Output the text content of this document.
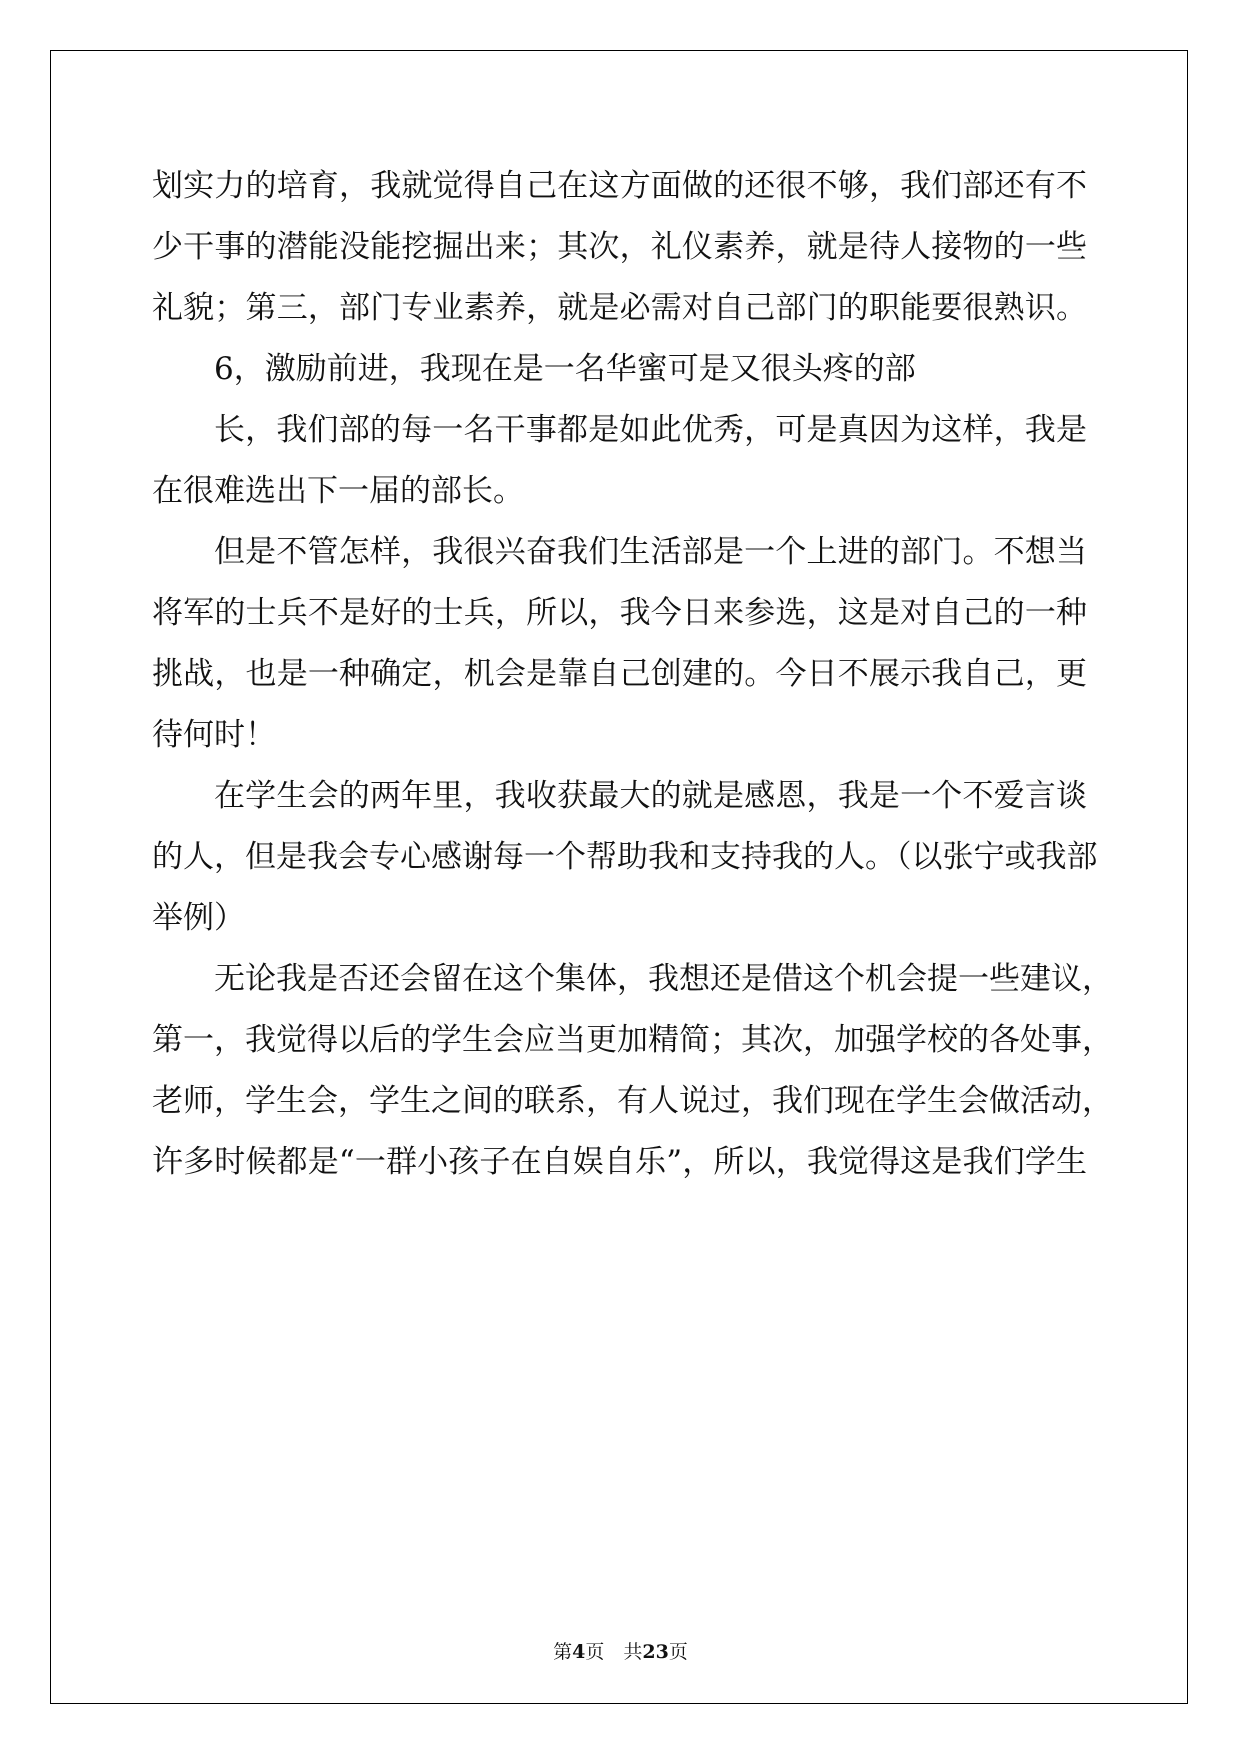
划实力的培育，我就觉得自己在这方面做的还很不够，我们部还有不
少干事的潜能没能挖掘出来；其次，礼仪素养，就是待人接物的一些
礼貌；第三，部门专业素养，就是必需对自己部门的职能要很熟识。
6，激励前进，我现在是一名华蜜可是又很头疼的部
长，我们部的每一名干事都是如此优秀，可是真因为这样，我是
在很难选出下一届的部长。
但是不管怎样，我很兴奋我们生活部是一个上进的部门。不想当
将军的士兵不是好的士兵，所以，我今日来参选，这是对自己的一种
挑战，也是一种确定，机会是靠自己创建的。今日不展示我自己，更
待何时！
在学生会的两年里，我收获最大的就是感恩，我是一个不爱言谈
的人，但是我会专心感谢每一个帮助我和支持我的人。（以张宁或我部
举例）
无论我是否还会留在这个集体，我想还是借这个机会提一些建议，
第一，我觉得以后的学生会应当更加精简；其次，加强学校的各处事，
老师，学生会，学生之间的联系，有人说过，我们现在学生会做活动，
许多时候都是“一群小孩子在自娱自乐”，所以，我觉得这是我们学生
第4页　共23页
